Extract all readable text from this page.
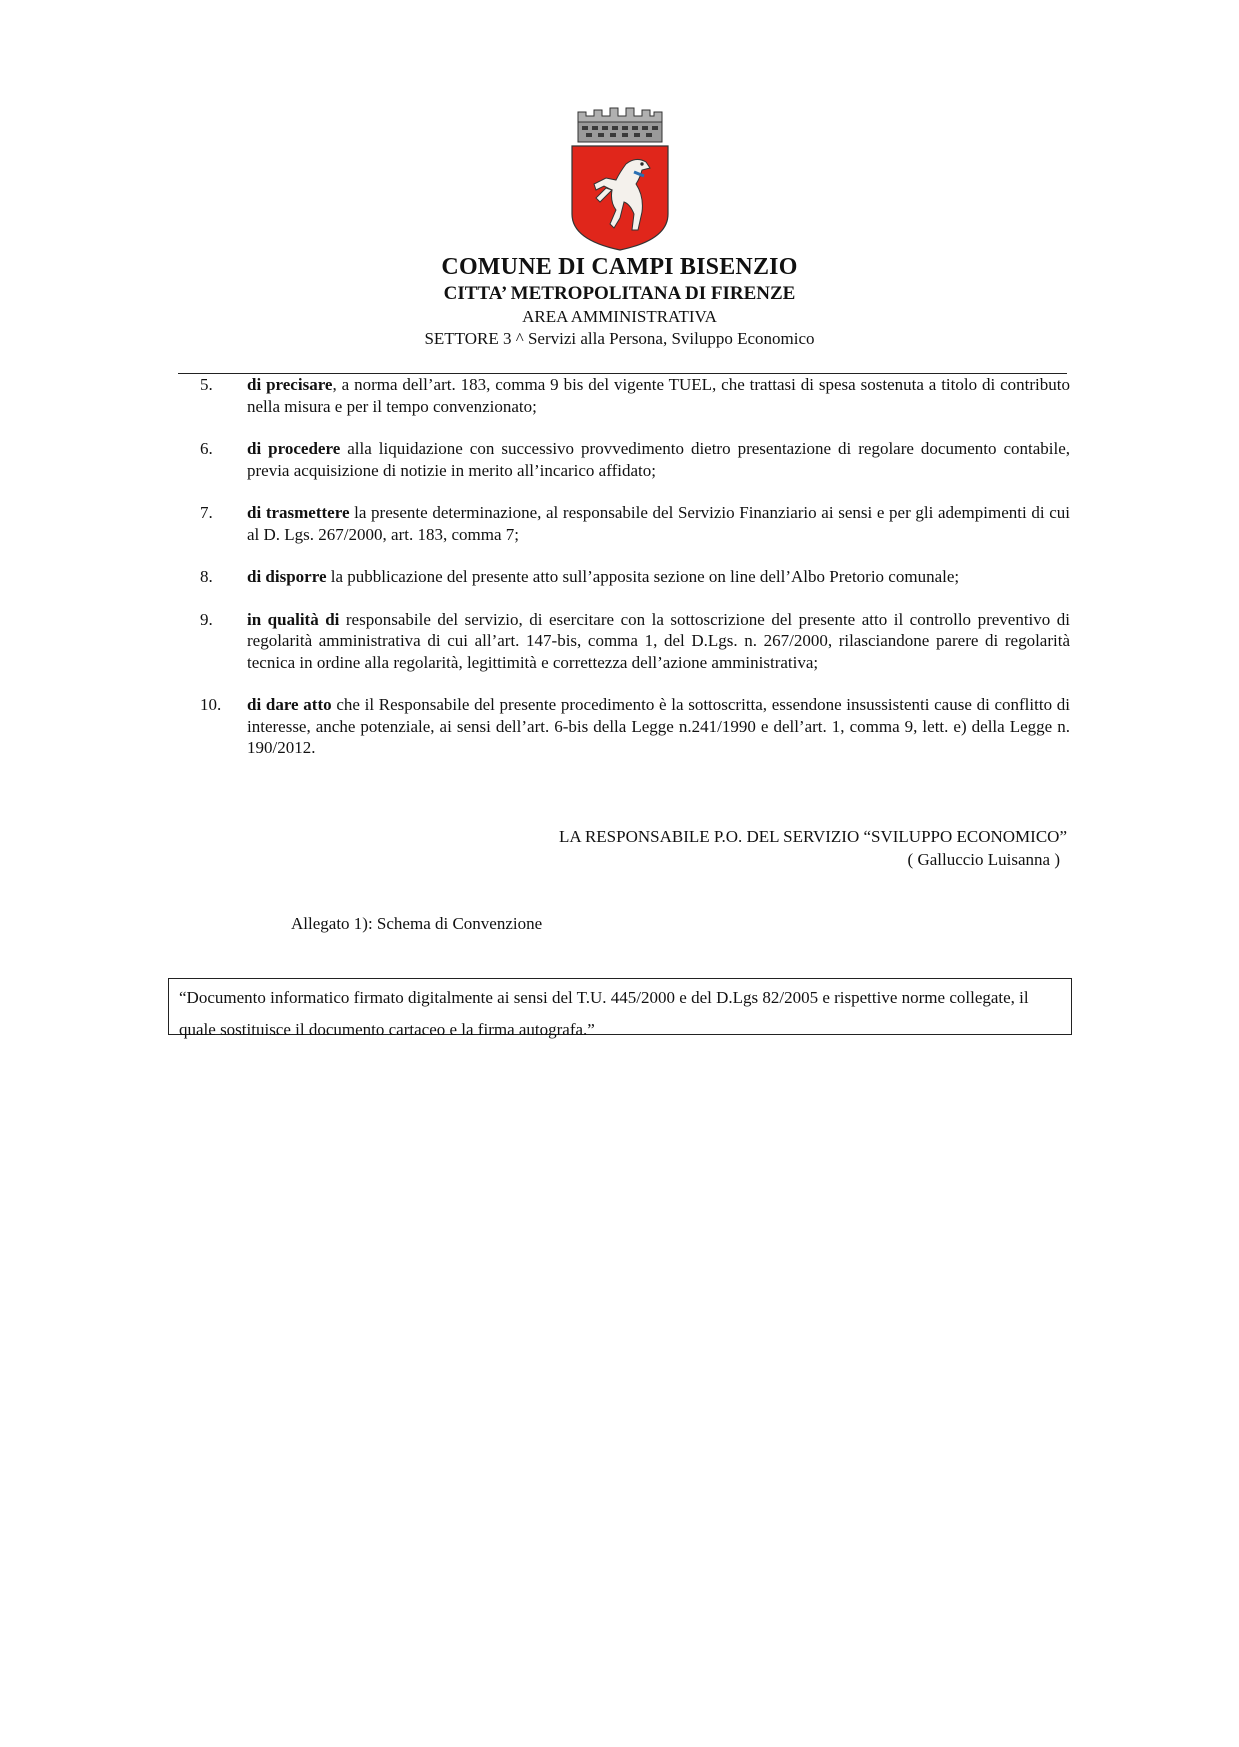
COMUNE DI CAMPI BISENZIO
CITTA’ METROPOLITANA DI FIRENZE
AREA AMMINISTRATIVA
SETTORE 3 ^ Servizi alla Persona, Sviluppo Economico
5.	di precisare, a norma dell’art. 183, comma 9 bis del vigente TUEL, che trattasi di spesa sostenuta a titolo di contributo nella misura e per il tempo convenzionato;
6.	di procedere alla liquidazione con successivo provvedimento dietro presentazione di regolare documento contabile, previa acquisizione di notizie in merito all’incarico affidato;
7.	di trasmettere la presente determinazione, al responsabile del Servizio Finanziario ai sensi e per gli adempimenti di cui al D. Lgs. 267/2000, art. 183, comma 7;
8.	di disporre la pubblicazione del presente atto sull’apposita sezione on line dell’Albo Pretorio comunale;
9.	in qualità di responsabile del servizio, di esercitare con la sottoscrizione del presente atto il controllo preventivo di regolarità amministrativa di cui all’art. 147-bis, comma 1, del D.Lgs. n. 267/2000, rilasciandone parere di regolarità tecnica in ordine alla regolarità, legittimità e correttezza dell’azione amministrativa;
10.	di dare atto che il Responsabile del presente procedimento è la sottoscritta, essendone insussistenti cause di conflitto di interesse, anche potenziale, ai sensi dell’art. 6-bis della Legge n.241/1990 e dell’art. 1, comma 9, lett. e) della Legge n. 190/2012.
LA RESPONSABILE P.O. DEL SERVIZIO “SVILUPPO ECONOMICO”
( Galluccio Luisanna )
Allegato 1): Schema di Convenzione
“Documento informatico firmato digitalmente ai sensi del T.U. 445/2000 e del D.Lgs 82/2005 e rispettive norme collegate, il quale sostituisce il documento cartaceo e la firma autografa.”
